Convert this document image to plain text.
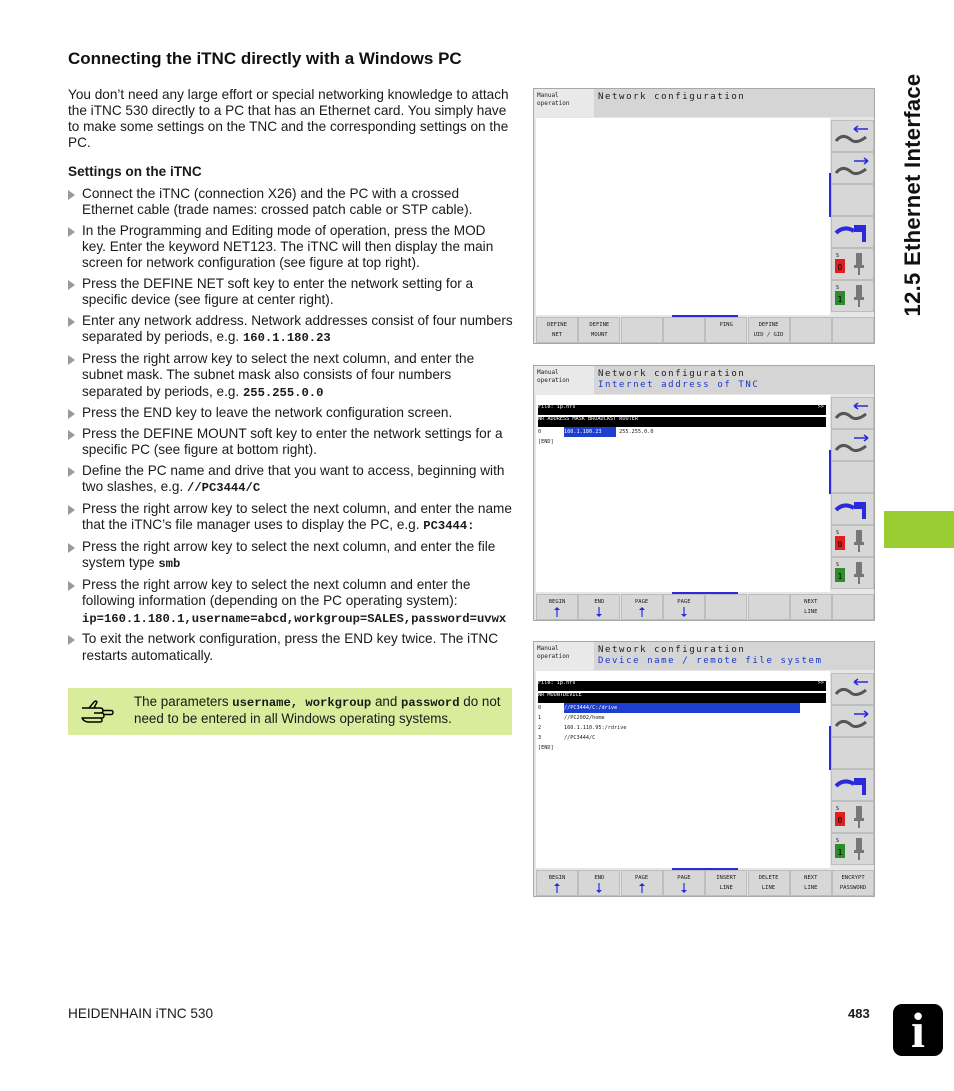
Connecting the iTNC directly with a Windows PC
You don’t need any large effort or special networking knowledge to attach the iTNC 530 directly to a PC that has an Ethernet card. You simply have to make some settings on the TNC and the corresponding settings on the PC.
Settings on the iTNC
Connect the iTNC (connection X26) and the PC with a crossed Ethernet cable (trade names: crossed patch cable or STP cable).
In the Programming and Editing mode of operation, press the MOD key. Enter the keyword NET123. The iTNC will then display the main screen for network configuration (see figure at top right).
Press the DEFINE NET soft key to enter the network setting for a specific device (see figure at center right).
Enter any network address. Network addresses consist of four numbers separated by periods, e.g. 160.1.180.23
Press the right arrow key to select the next column, and enter the subnet mask. The subnet mask also consists of four numbers separated by periods, e.g. 255.255.0.0
Press the END key to leave the network configuration screen.
Press the DEFINE MOUNT soft key to enter the network settings for a specific PC (see figure at bottom right).
Define the PC name and drive that you want to access, beginning with two slashes, e.g. //PC3444/C
Press the right arrow key to select the next column, and enter the name that the iTNC’s file manager uses to display the PC, e.g. PC3444:
Press the right arrow key to select the next column, and enter the file system type smb
Press the right arrow key to select the next column and enter the following information (depending on the PC operating system): ip=160.1.180.1,username=abcd,workgroup=SALES,password=uvwx
To exit the network configuration, press the END key twice. The iTNC restarts automatically.
The parameters username, workgroup and password do not need to be entered in all Windows operating systems.
12.5 Ethernet Interface
HEIDENHAIN iTNC 530	483 i
Manual
operation
Network configuration
S
0
S
1
DEFINE
NET
DEFINE
MOUNT
PING	DEFINE
UID / GID
Manual
operation
Network configuration
Internet address of TNC
File: ip.nfs	>>
NR ADDRESS MASK BROADCAST ROUTER
0	160.1.180.23	255.255.0.0
[END]
S
0
S
1
BEGIN	END	PAGE	PAGE	NEXT
LINE
Manual
operation
Network configuration
Device name / remote file system
File: ip.nfs	>>
NR MOUNTDEVICE
0	//PC3444/C:/drive
1	//PC2002/home
2	160.1.110.95:/rdrive
3	//PC3444/C
[END]
S
0
S
1
BEGIN	END	PAGE	PAGE	INSERT
LINE
DELETE
LINE
NEXT
LINE
ENCRYPT
PASSWORD
